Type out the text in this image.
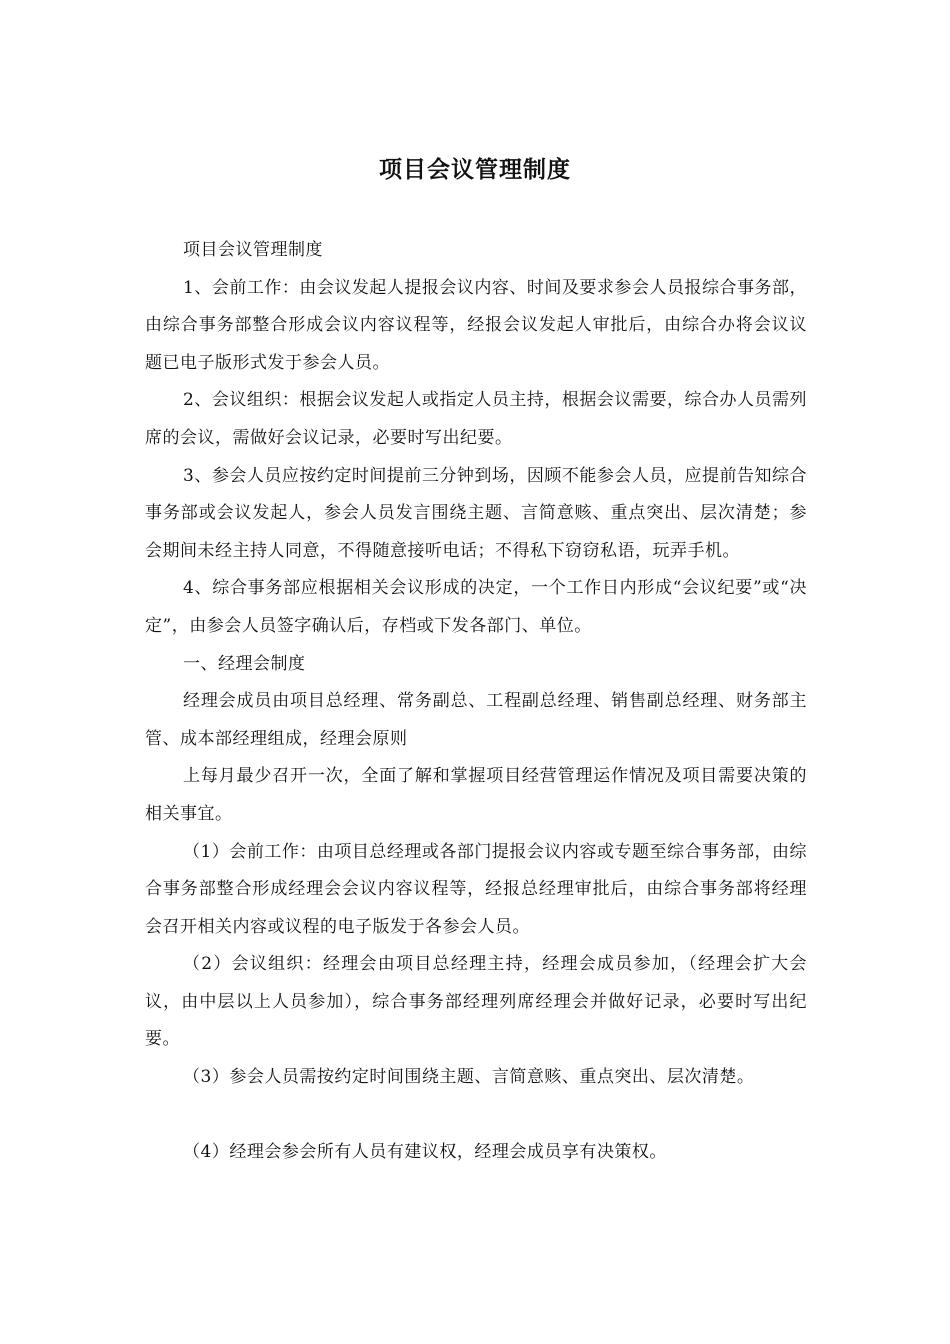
项目会议管理制度

项目会议管理制度

1、会前工作：由会议发起人提报会议内容、时间及要求参会人员报综合事务部，由综合事务部整合形成会议内容议程等，经报会议发起人审批后，由综合办将会议议题已电子版形式发于参会人员。

2、会议组织：根据会议发起人或指定人员主持，根据会议需要，综合办人员需列席的会议，需做好会议记录，必要时写出纪要。

3、参会人员应按约定时间提前三分钟到场，因顾不能参会人员，应提前告知综合事务部或会议发起人，参会人员发言围绕主题、言简意赅、重点突出、层次清楚；参会期间未经主持人同意，不得随意接听电话；不得私下窃窃私语，玩弄手机。

4、综合事务部应根据相关会议形成的决定，一个工作日内形成“会议纪要”或“决定”，由参会人员签字确认后，存档或下发各部门、单位。

一、经理会制度

经理会成员由项目总经理、常务副总、工程副总经理、销售副总经理、财务部主管、成本部经理组成，经理会原则

上每月最少召开一次，全面了解和掌握项目经营管理运作情况及项目需要决策的相关事宜。

（1）会前工作：由项目总经理或各部门提报会议内容或专题至综合事务部，由综合事务部整合形成经理会会议内容议程等，经报总经理审批后，由综合事务部将经理会召开相关内容或议程的电子版发于各参会人员。

（2）会议组织：经理会由项目总经理主持，经理会成员参加，（经理会扩大会议，由中层以上人员参加），综合事务部经理列席经理会并做好记录，必要时写出纪要。

（3）参会人员需按约定时间围绕主题、言简意赅、重点突出、层次清楚。

（4）经理会参会所有人员有建议权，经理会成员享有决策权。
